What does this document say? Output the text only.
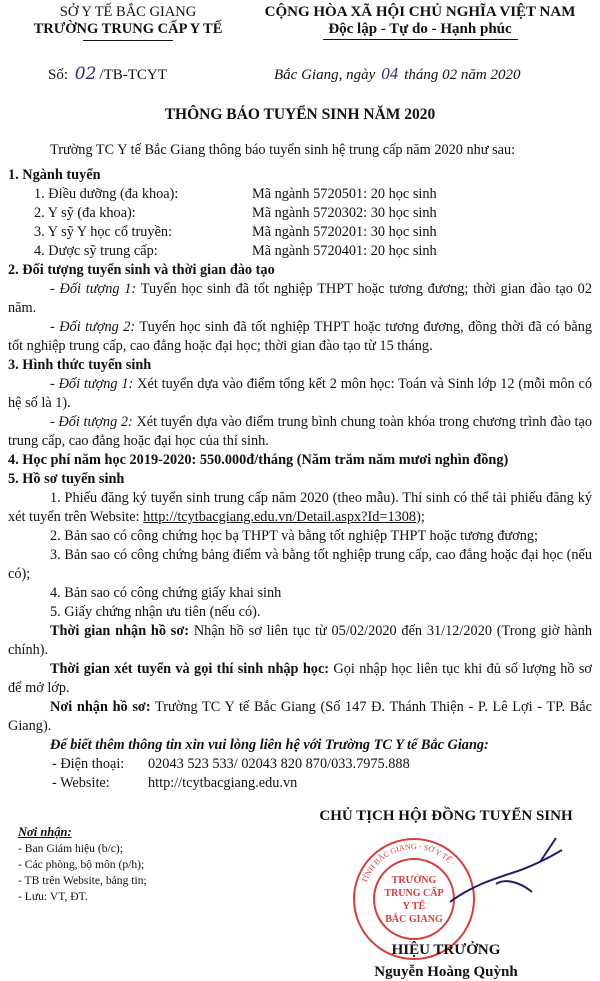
SỞ Y TẾ BẮC GIANG
TRƯỜNG TRUNG CẤP Y TẾ
CỘNG HÒA XÃ HỘI CHỦ NGHĨA VIỆT NAM
Độc lập - Tự do - Hạnh phúc
Số: 02 /TB-TCYT	Bắc Giang, ngày 04 tháng 02 năm 2020
THÔNG BÁO TUYỂN SINH NĂM 2020

Trường TC Y tế Bắc Giang thông báo tuyển sinh hệ trung cấp năm 2020 như sau:

1. Ngành tuyển

1. Điều dưỡng (đa khoa):	Mã ngành 5720501: 20 học sinh
2. Y sỹ (đa khoa):	Mã ngành 5720302: 30 học sinh
3. Y sỹ Y học cổ truyền:	Mã ngành 5720201: 30 học sinh
4. Dược sỹ trung cấp:	Mã ngành 5720401: 20 học sinh

2. Đối tượng tuyển sinh và thời gian đào tạo

- Đối tượng 1: Tuyển học sinh đã tốt nghiệp THPT hoặc tương đương; thời gian đào tạo 02 năm.

- Đối tượng 2: Tuyển học sinh đã tốt nghiệp THPT hoặc tương đương, đồng thời đã có bằng tốt nghiệp trung cấp, cao đẳng hoặc đại học; thời gian đào tạo từ 15 tháng.

3. Hình thức tuyển sinh

- Đối tượng 1: Xét tuyển dựa vào điểm tổng kết 2 môn học: Toán và Sinh lớp 12 (mỗi môn có hệ số là 1).

- Đối tượng 2: Xét tuyển dựa vào điểm trung bình chung toàn khóa trong chương trình đào tạo trung cấp, cao đẳng hoặc đại học của thí sinh.

4. Học phí năm học 2019-2020: 550.000đ/tháng (Năm trăm năm mươi nghìn đồng)

5. Hồ sơ tuyển sinh

1. Phiếu đăng ký tuyển sinh trung cấp năm 2020 (theo mẫu). Thí sinh có thể tải phiếu đăng ký xét tuyển trên Website: http://tcytbacgiang.edu.vn/Detail.aspx?Id=1308);

2. Bản sao có công chứng học bạ THPT và bằng tốt nghiệp THPT hoặc tương đương;

3. Bản sao có công chứng bảng điểm và bằng tốt nghiệp trung cấp, cao đẳng hoặc đại học (nếu có);

4. Bản sao có công chứng giấy khai sinh

5. Giấy chứng nhận ưu tiên (nếu có).

Thời gian nhận hồ sơ: Nhận hồ sơ liên tục từ 05/02/2020 đến 31/12/2020 (Trong giờ hành chính).

Thời gian xét tuyển và gọi thí sinh nhập học: Gọi nhập học liên tục khi đủ số lượng hồ sơ để mở lớp.

Nơi nhận hồ sơ: Trường TC Y tế Bắc Giang (Số 147 Đ. Thánh Thiện - P. Lê Lợi - TP. Bắc Giang).

Để biết thêm thông tin xin vui lòng liên hệ với Trường TC Y tế Bắc Giang:

- Điện thoại:	02043 523 533/ 02043 820 870/033.7975.888
- Website:	http://tcytbacgiang.edu.vn
Nơi nhận:
- Ban Giám hiệu (b/c);
- Các phòng, bộ môn (p/h);
- TB trên Website, bảng tin;
- Lưu: VT, ĐT.
TỈNH BẮC GIANG · SỞ Y TẾ ·
TRƯỜNG
TRUNG CẤP
Y TẾ
BẮC GIANG
CHỦ TỊCH HỘI ĐỒNG TUYỂN SINH
HIỆU TRƯỞNG
Nguyễn Hoàng Quỳnh
